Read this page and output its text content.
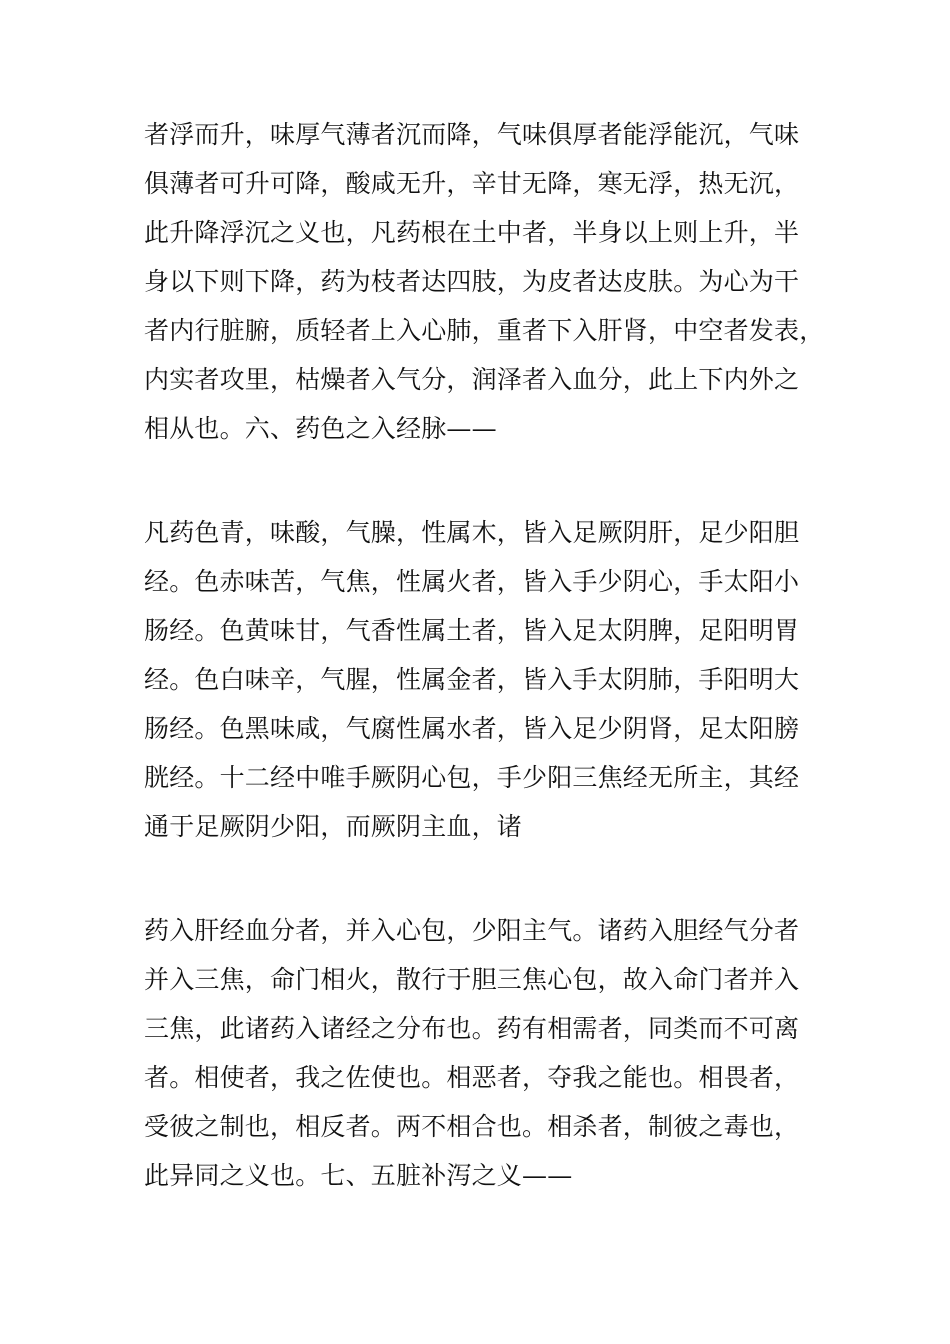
者浮而升，味厚气薄者沉而降，气味俱厚者能浮能沉，气味
俱薄者可升可降，酸咸无升，辛甘无降，寒无浮，热无沉，
此升降浮沉之义也，凡药根在土中者，半身以上则上升，半
身以下则下降，药为枝者达四肢，为皮者达皮肤。为心为干
者内行脏腑，质轻者上入心肺，重者下入肝肾，中空者发表，
内实者攻里，枯燥者入气分，润泽者入血分，此上下内外之
相从也。六、药色之入经脉——
凡药色青，味酸，气臊，性属木，皆入足厥阴肝，足少阳胆
经。色赤味苦，气焦，性属火者，皆入手少阴心，手太阳小
肠经。色黄味甘，气香性属土者，皆入足太阴脾，足阳明胃
经。色白味辛，气腥，性属金者，皆入手太阴肺，手阳明大
肠经。色黑味咸，气腐性属水者，皆入足少阴肾，足太阳膀
胱经。十二经中唯手厥阴心包，手少阳三焦经无所主，其经
通于足厥阴少阳，而厥阴主血，诸
药入肝经血分者，并入心包，少阳主气。诸药入胆经气分者
并入三焦，命门相火，散行于胆三焦心包，故入命门者并入
三焦，此诸药入诸经之分布也。药有相需者，同类而不可离
者。相使者，我之佐使也。相恶者，夺我之能也。相畏者，
受彼之制也，相反者。两不相合也。相杀者，制彼之毒也，
此异同之义也。七、五脏补泻之义——
